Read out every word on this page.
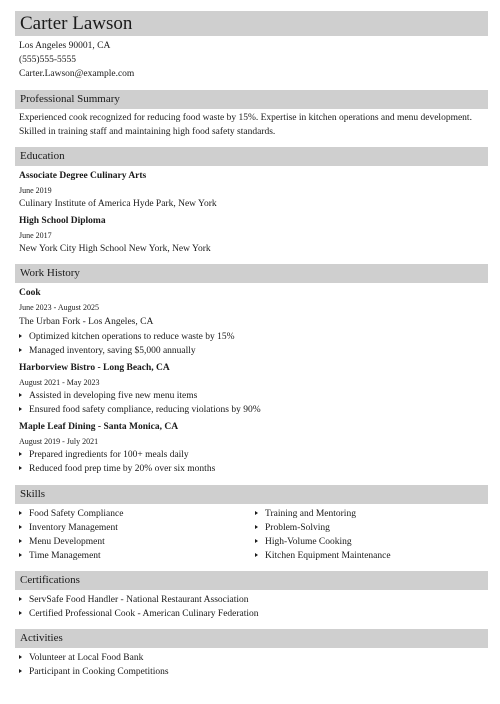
Carter Lawson
Los Angeles 90001, CA
(555)555-5555
Carter.Lawson@example.com
Professional Summary
Experienced cook recognized for reducing food waste by 15%. Expertise in kitchen operations and menu development.
Skilled in training staff and maintaining high food safety standards.
Education
Associate Degree Culinary Arts
June 2019
Culinary Institute of America Hyde Park, New York
High School Diploma
June 2017
New York City High School New York, New York
Work History
Cook
June 2023 - August 2025
The Urban Fork - Los Angeles, CA
Optimized kitchen operations to reduce waste by 15%
Managed inventory, saving $5,000 annually
Harborview Bistro - Long Beach, CA
August 2021 - May 2023
Assisted in developing five new menu items
Ensured food safety compliance, reducing violations by 90%
Maple Leaf Dining - Santa Monica, CA
August 2019 - July 2021
Prepared ingredients for 100+ meals daily
Reduced food prep time by 20% over six months
Skills
Food Safety Compliance
Inventory Management
Menu Development
Time Management
Training and Mentoring
Problem-Solving
High-Volume Cooking
Kitchen Equipment Maintenance
Certifications
ServSafe Food Handler - National Restaurant Association
Certified Professional Cook - American Culinary Federation
Activities
Volunteer at Local Food Bank
Participant in Cooking Competitions
